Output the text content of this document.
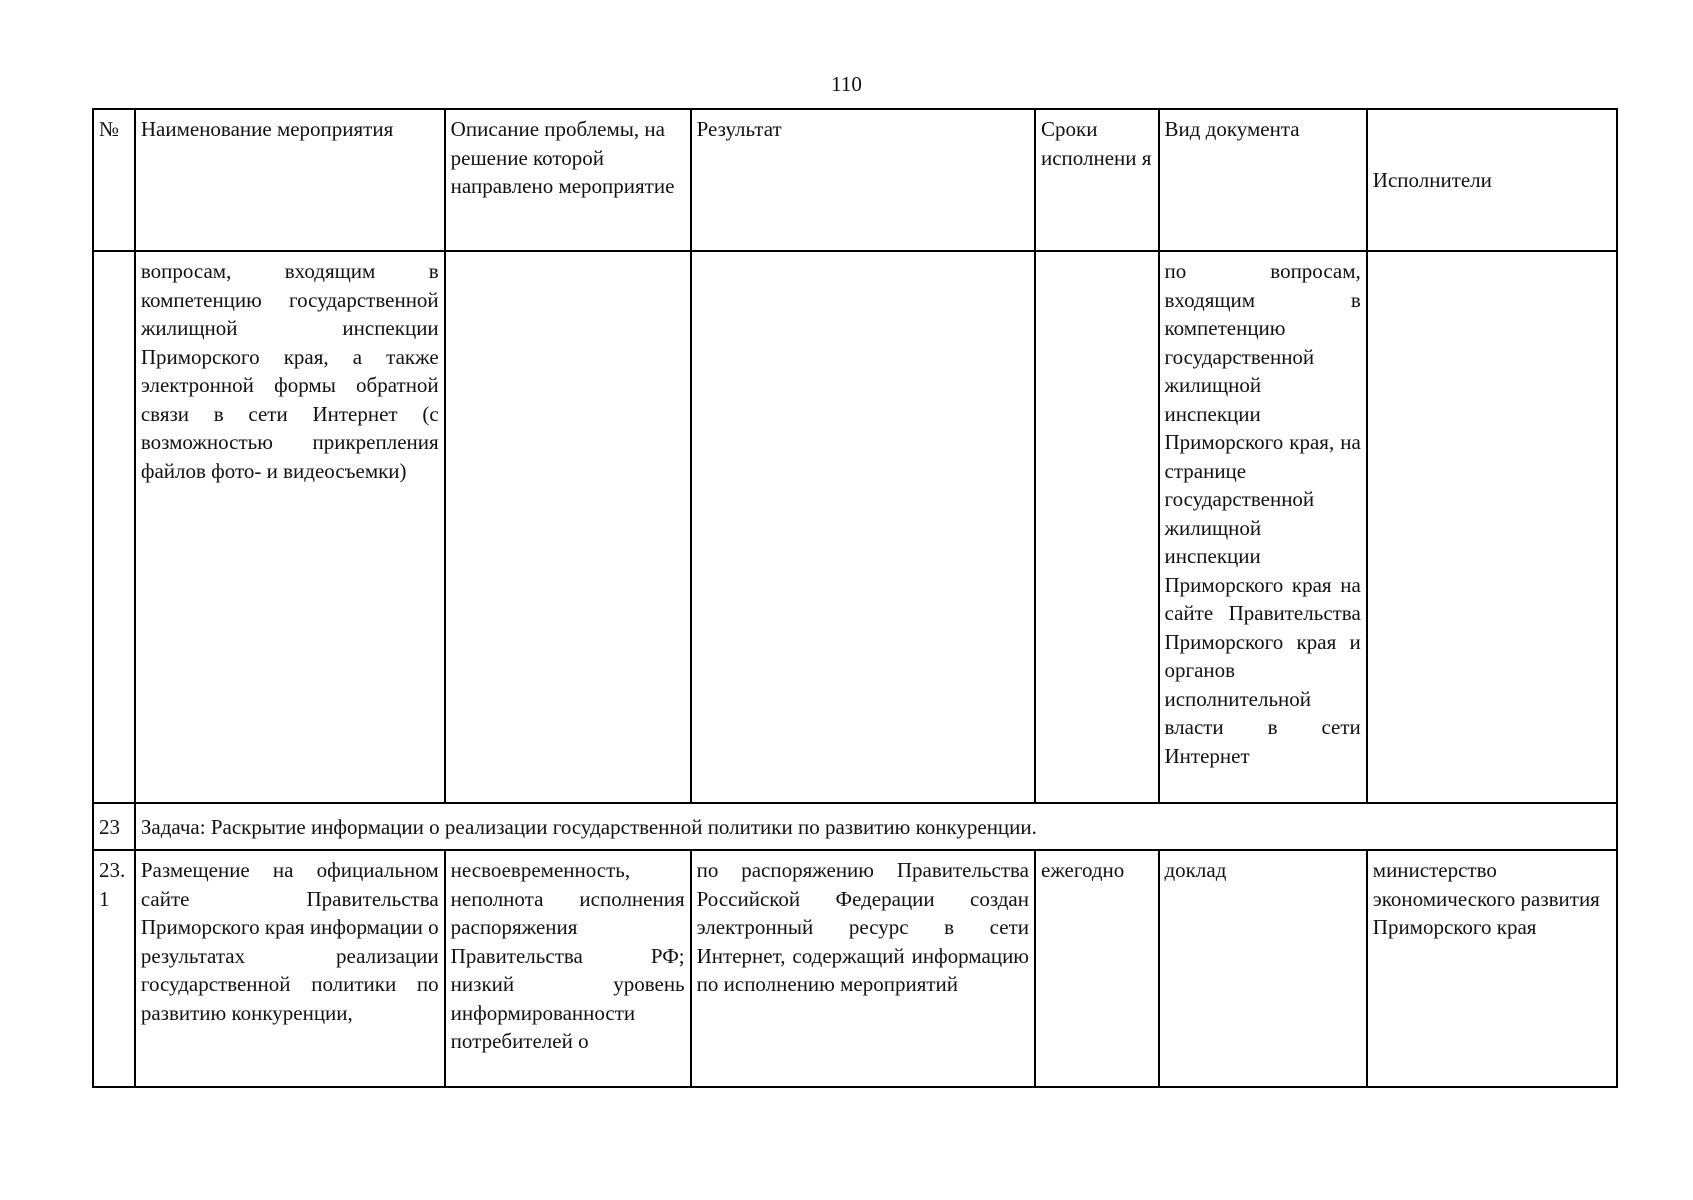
110
№	Наименование мероприятия	Описание проблемы, на решение которой направлено мероприятие	Результат	Сроки исполнени я	Вид документа	Исполнители
	вопросам, входящим в компетенцию государственной жилищной инспекции Приморского края, а также электронной формы обратной связи в сети Интернет (с возможностью прикрепления файлов фото- и видеосъемки)				по вопросам, входящим в компетенцию государственной жилищной инспекции Приморского края, на странице государственной жилищной инспекции Приморского края на сайте Правительства Приморского края и органов исполнительной власти в сети Интернет	
23	Задача: Раскрытие информации о реализации государственной политики по развитию конкуренции.					
23. 1	Размещение на официальном сайте Правительства Приморского края информации о результатах реализации государственной политики по развитию конкуренции,	несвоевременность, неполнота исполнения распоряжения Правительства РФ; низкий уровень информированности потребителей о	по распоряжению Правительства Российской Федерации создан электронный ресурс в сети Интернет, содержащий информацию по исполнению мероприятий	ежегодно	доклад	министерство экономического развития Приморского края
